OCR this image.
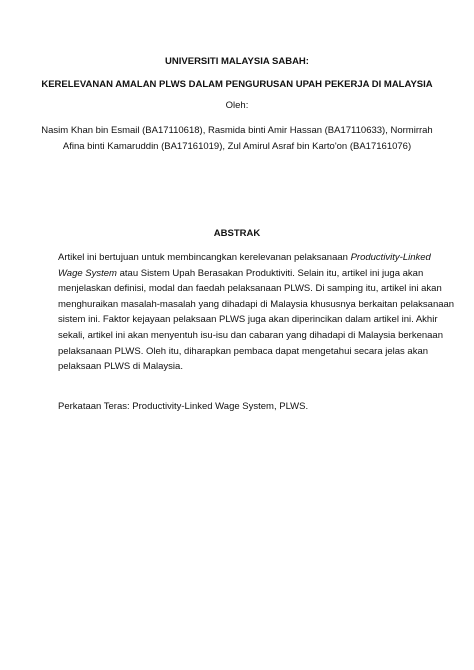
UNIVERSITI MALAYSIA SABAH:
KERELEVANAN AMALAN PLWS DALAM PENGURUSAN UPAH PEKERJA DI MALAYSIA
Oleh:
Nasim Khan bin Esmail (BA17110618), Rasmida binti Amir Hassan (BA17110633), Normirrah
Afina binti Kamaruddin (BA17161019), Zul Amirul Asraf bin Karto'on (BA17161076)
ABSTRAK
Artikel ini bertujuan untuk membincangkan kerelevanan pelaksanaan Productivity-Linked
Wage System atau Sistem Upah Berasakan Produktiviti. Selain itu, artikel ini juga akan
menjelaskan definisi, modal dan faedah pelaksanaan PLWS. Di samping itu, artikel ini akan
menghuraikan masalah-masalah yang dihadapi di Malaysia khususnya berkaitan pelaksanaan
sistem ini. Faktor kejayaan pelaksaan PLWS juga akan diperincikan dalam artikel ini. Akhir
sekali, artikel ini akan menyentuh isu-isu dan cabaran yang dihadapi di Malaysia berkenaan
pelaksanaan PLWS. Oleh itu, diharapkan pembaca dapat mengetahui secara jelas akan
pelaksaan PLWS di Malaysia.
Perkataan Teras: Productivity-Linked Wage System, PLWS.
